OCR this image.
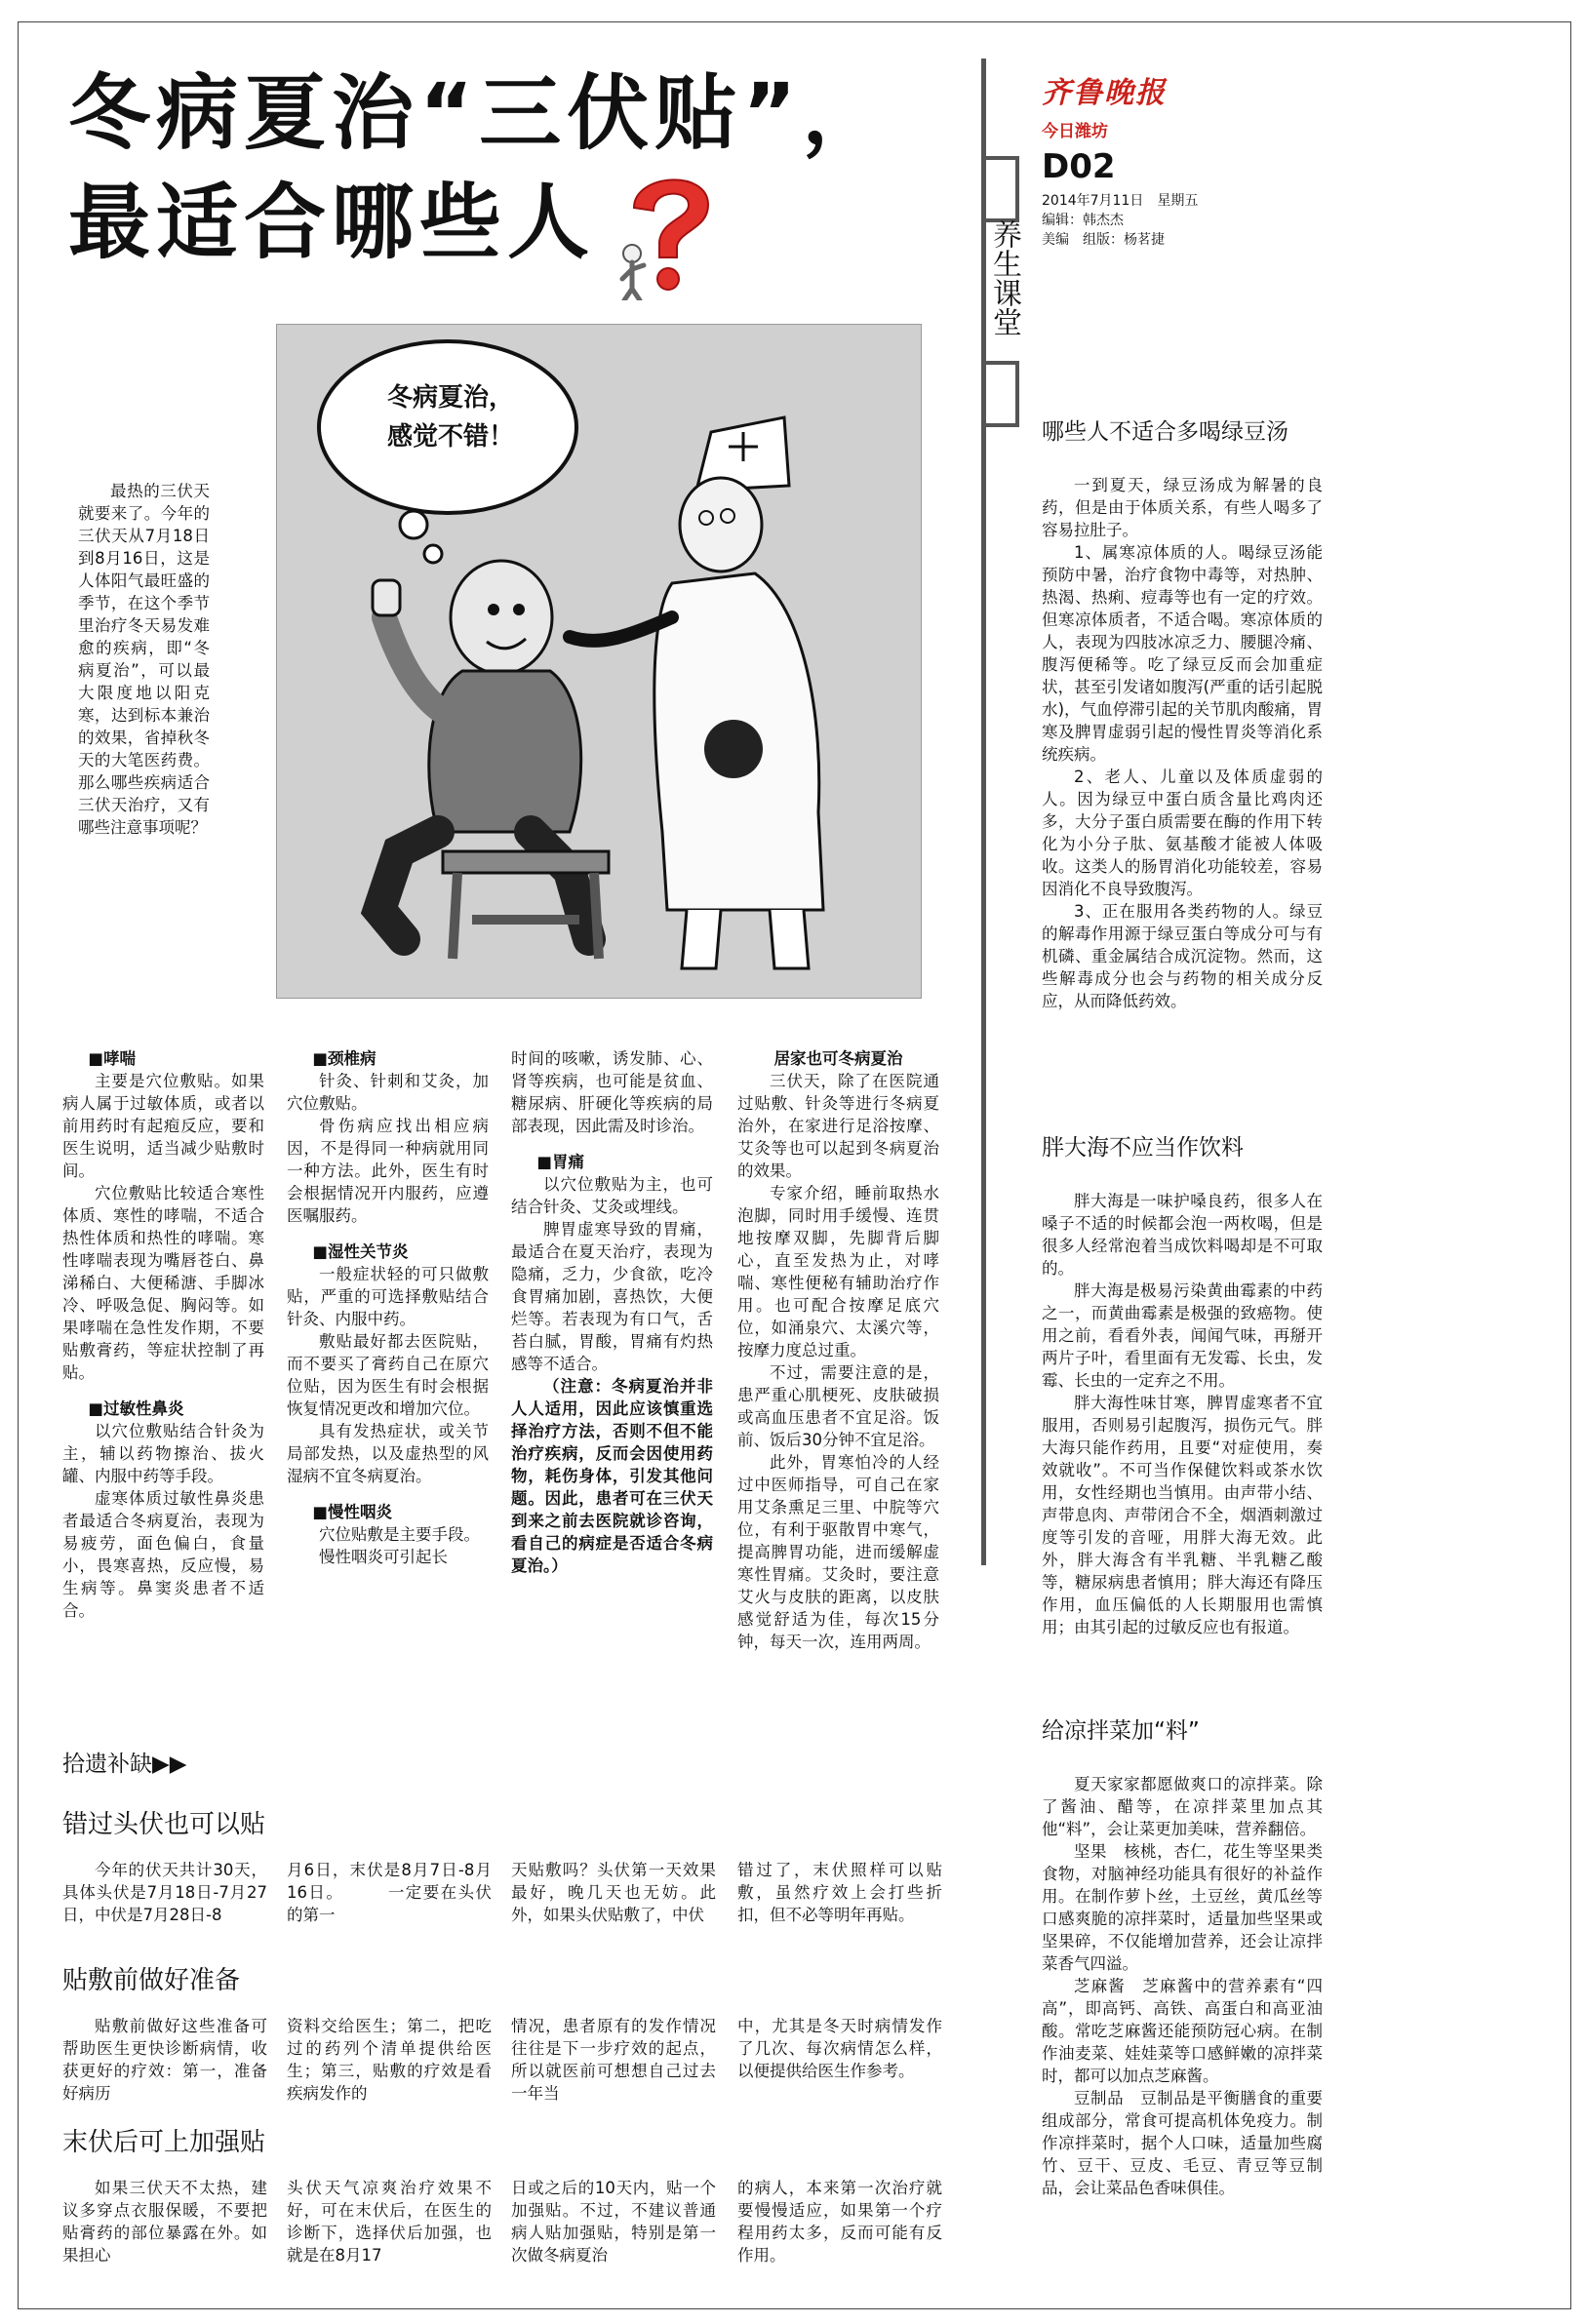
冬病夏治“三伏贴”，
最适合哪些人
冬病夏治，
感觉不错！

最热的三伏天就要来了。今年的三伏天从7月18日到8月16日，这是人体阳气最旺盛的季节，在这个季节里治疗冬天易发难愈的疾病，即“冬病夏治”，可以最大限度地以阳克寒，达到标本兼治的效果，省掉秋冬天的大笔医药费。那么哪些疾病适合三伏天治疗，又有哪些注意事项呢？

■哮喘

主要是穴位敷贴。如果病人属于过敏体质，或者以前用药时有起疱反应，要和医生说明，适当减少贴敷时间。

穴位敷贴比较适合寒性体质、寒性的哮喘，不适合热性体质和热性的哮喘。寒性哮喘表现为嘴唇苍白、鼻涕稀白、大便稀溏、手脚冰冷、呼吸急促、胸闷等。如果哮喘在急性发作期，不要贴敷膏药，等症状控制了再贴。

■过敏性鼻炎

以穴位敷贴结合针灸为主，辅以药物擦治、拔火罐、内服中药等手段。

虚寒体质过敏性鼻炎患者最适合冬病夏治，表现为易疲劳，面色偏白，食量小，畏寒喜热，反应慢，易生病等。鼻窦炎患者不适合。

■颈椎病

针灸、针刺和艾灸，加穴位敷贴。

骨伤病应找出相应病因，不是得同一种病就用同一种方法。此外，医生有时会根据情况开内服药，应遵医嘱服药。

■湿性关节炎

一般症状轻的可只做敷贴，严重的可选择敷贴结合针灸、内服中药。

敷贴最好都去医院贴，而不要买了膏药自己在原穴位贴，因为医生有时会根据恢复情况更改和增加穴位。

具有发热症状，或关节局部发热，以及虚热型的风湿病不宜冬病夏治。

■慢性咽炎

穴位贴敷是主要手段。

慢性咽炎可引起长

时间的咳嗽，诱发肺、心、肾等疾病，也可能是贫血、糖尿病、肝硬化等疾病的局部表现，因此需及时诊治。

■胃痛

以穴位敷贴为主，也可结合针灸、艾灸或埋线。

脾胃虚寒导致的胃痛，最适合在夏天治疗，表现为隐痛，乏力，少食欲，吃冷食胃痛加剧，喜热饮，大便烂等。若表现为有口气，舌苔白腻，胃酸，胃痛有灼热感等不适合。

（注意：冬病夏治并非人人适用，因此应该慎重选择治疗方法，否则不但不能治疗疾病，反而会因使用药物，耗伤身体，引发其他问题。因此，患者可在三伏天到来之前去医院就诊咨询，看自己的病症是否适合冬病夏治。）

居家也可冬病夏治

三伏天，除了在医院通过贴敷、针灸等进行冬病夏治外，在家进行足浴按摩、艾灸等也可以起到冬病夏治的效果。

专家介绍，睡前取热水泡脚，同时用手缓慢、连贯地按摩双脚，先脚背后脚心，直至发热为止，对哮喘、寒性便秘有辅助治疗作用。也可配合按摩足底穴位，如涌泉穴、太溪穴等，按摩力度总过重。

不过，需要注意的是，患严重心肌梗死、皮肤破损或高血压患者不宜足浴。饭前、饭后30分钟不宜足浴。

此外，胃寒怕冷的人经过中医师指导，可自己在家用艾条熏足三里、中脘等穴位，有利于驱散胃中寒气，提高脾胃功能，进而缓解虚寒性胃痛。艾灸时，要注意艾火与皮肤的距离，以皮肤感觉舒适为佳，每次15分钟，每天一次，连用两周。

拾遗补缺▶▶
错过头伏也可以贴

今年的伏天共计30天，具体头伏是7月18日-7月27日，中伏是7月28日-8

月6日，末伏是8月7日-8月16日。　　　一定要在头伏的第一

天贴敷吗？头伏第一天效果最好，晚几天也无妨。此外，如果头伏贴敷了，中伏

错过了，末伏照样可以贴敷，虽然疗效上会打些折扣，但不必等明年再贴。

贴敷前做好准备

贴敷前做好这些准备可帮助医生更快诊断病情，收获更好的疗效：第一，准备好病历

资料交给医生；第二，把吃过的药列个清单提供给医生；第三，贴敷的疗效是看疾病发作的

情况，患者原有的发作情况往往是下一步疗效的起点，所以就医前可想想自己过去一年当

中，尤其是冬天时病情发作了几次、每次病情怎么样，以便提供给医生作参考。

末伏后可上加强贴

如果三伏天不太热，建议多穿点衣服保暖，不要把贴膏药的部位暴露在外。如果担心

头伏天气凉爽治疗效果不好，可在末伏后，在医生的诊断下，选择伏后加强，也就是在8月17

日或之后的10天内，贴一个加强贴。不过，不建议普通病人贴加强贴，特别是第一次做冬病夏治

的病人，本来第一次治疗就要慢慢适应，如果第一个疗程用药太多，反而可能有反作用。

养生课堂
齐鲁晚报
今日潍坊
D02
2014年7月11日　星期五
编辑：韩杰杰
美编　组版：杨茗捷
哪些人不适合多喝绿豆汤

一到夏天，绿豆汤成为解暑的良药，但是由于体质关系，有些人喝多了容易拉肚子。

1、属寒凉体质的人。喝绿豆汤能预防中暑，治疗食物中毒等，对热肿、热渴、热痢、痘毒等也有一定的疗效。但寒凉体质者，不适合喝。寒凉体质的人，表现为四肢冰凉乏力、腰腿冷痛、腹泻便稀等。吃了绿豆反而会加重症状，甚至引发诸如腹泻(严重的话引起脱水)，气血停滞引起的关节肌肉酸痛，胃寒及脾胃虚弱引起的慢性胃炎等消化系统疾病。

2、老人、儿童以及体质虚弱的人。因为绿豆中蛋白质含量比鸡肉还多，大分子蛋白质需要在酶的作用下转化为小分子肽、氨基酸才能被人体吸收。这类人的肠胃消化功能较差，容易因消化不良导致腹泻。

3、正在服用各类药物的人。绿豆的解毒作用源于绿豆蛋白等成分可与有机磷、重金属结合成沉淀物。然而，这些解毒成分也会与药物的相关成分反应，从而降低药效。

胖大海不应当作饮料

胖大海是一味护嗓良药，很多人在嗓子不适的时候都会泡一两枚喝，但是很多人经常泡着当成饮料喝却是不可取的。

胖大海是极易污染黄曲霉素的中药之一，而黄曲霉素是极强的致癌物。使用之前，看看外表，闻闻气味，再掰开两片子叶，看里面有无发霉、长虫，发霉、长虫的一定弃之不用。

胖大海性味甘寒，脾胃虚寒者不宜服用，否则易引起腹泻，损伤元气。胖大海只能作药用，且要“对症使用，奏效就收”。不可当作保健饮料或茶水饮用，女性经期也当慎用。由声带小结、声带息肉、声带闭合不全，烟酒刺激过度等引发的音哑，用胖大海无效。此外，胖大海含有半乳糖、半乳糖乙酸等，糖尿病患者慎用；胖大海还有降压作用，血压偏低的人长期服用也需慎用；由其引起的过敏反应也有报道。

给凉拌菜加“料”

夏天家家都愿做爽口的凉拌菜。除了酱油、醋等，在凉拌菜里加点其他“料”，会让菜更加美味，营养翻倍。

坚果　核桃，杏仁，花生等坚果类食物，对脑神经功能具有很好的补益作用。在制作萝卜丝，土豆丝，黄瓜丝等口感爽脆的凉拌菜时，适量加些坚果或坚果碎，不仅能增加营养，还会让凉拌菜香气四溢。

芝麻酱　芝麻酱中的营养素有“四高”，即高钙、高铁、高蛋白和高亚油酸。常吃芝麻酱还能预防冠心病。在制作油麦菜、娃娃菜等口感鲜嫩的凉拌菜时，都可以加点芝麻酱。

豆制品　豆制品是平衡膳食的重要组成部分，常食可提高机体免疫力。制作凉拌菜时，据个人口味，适量加些腐竹、豆干、豆皮、毛豆、青豆等豆制品，会让菜品色香味俱佳。
